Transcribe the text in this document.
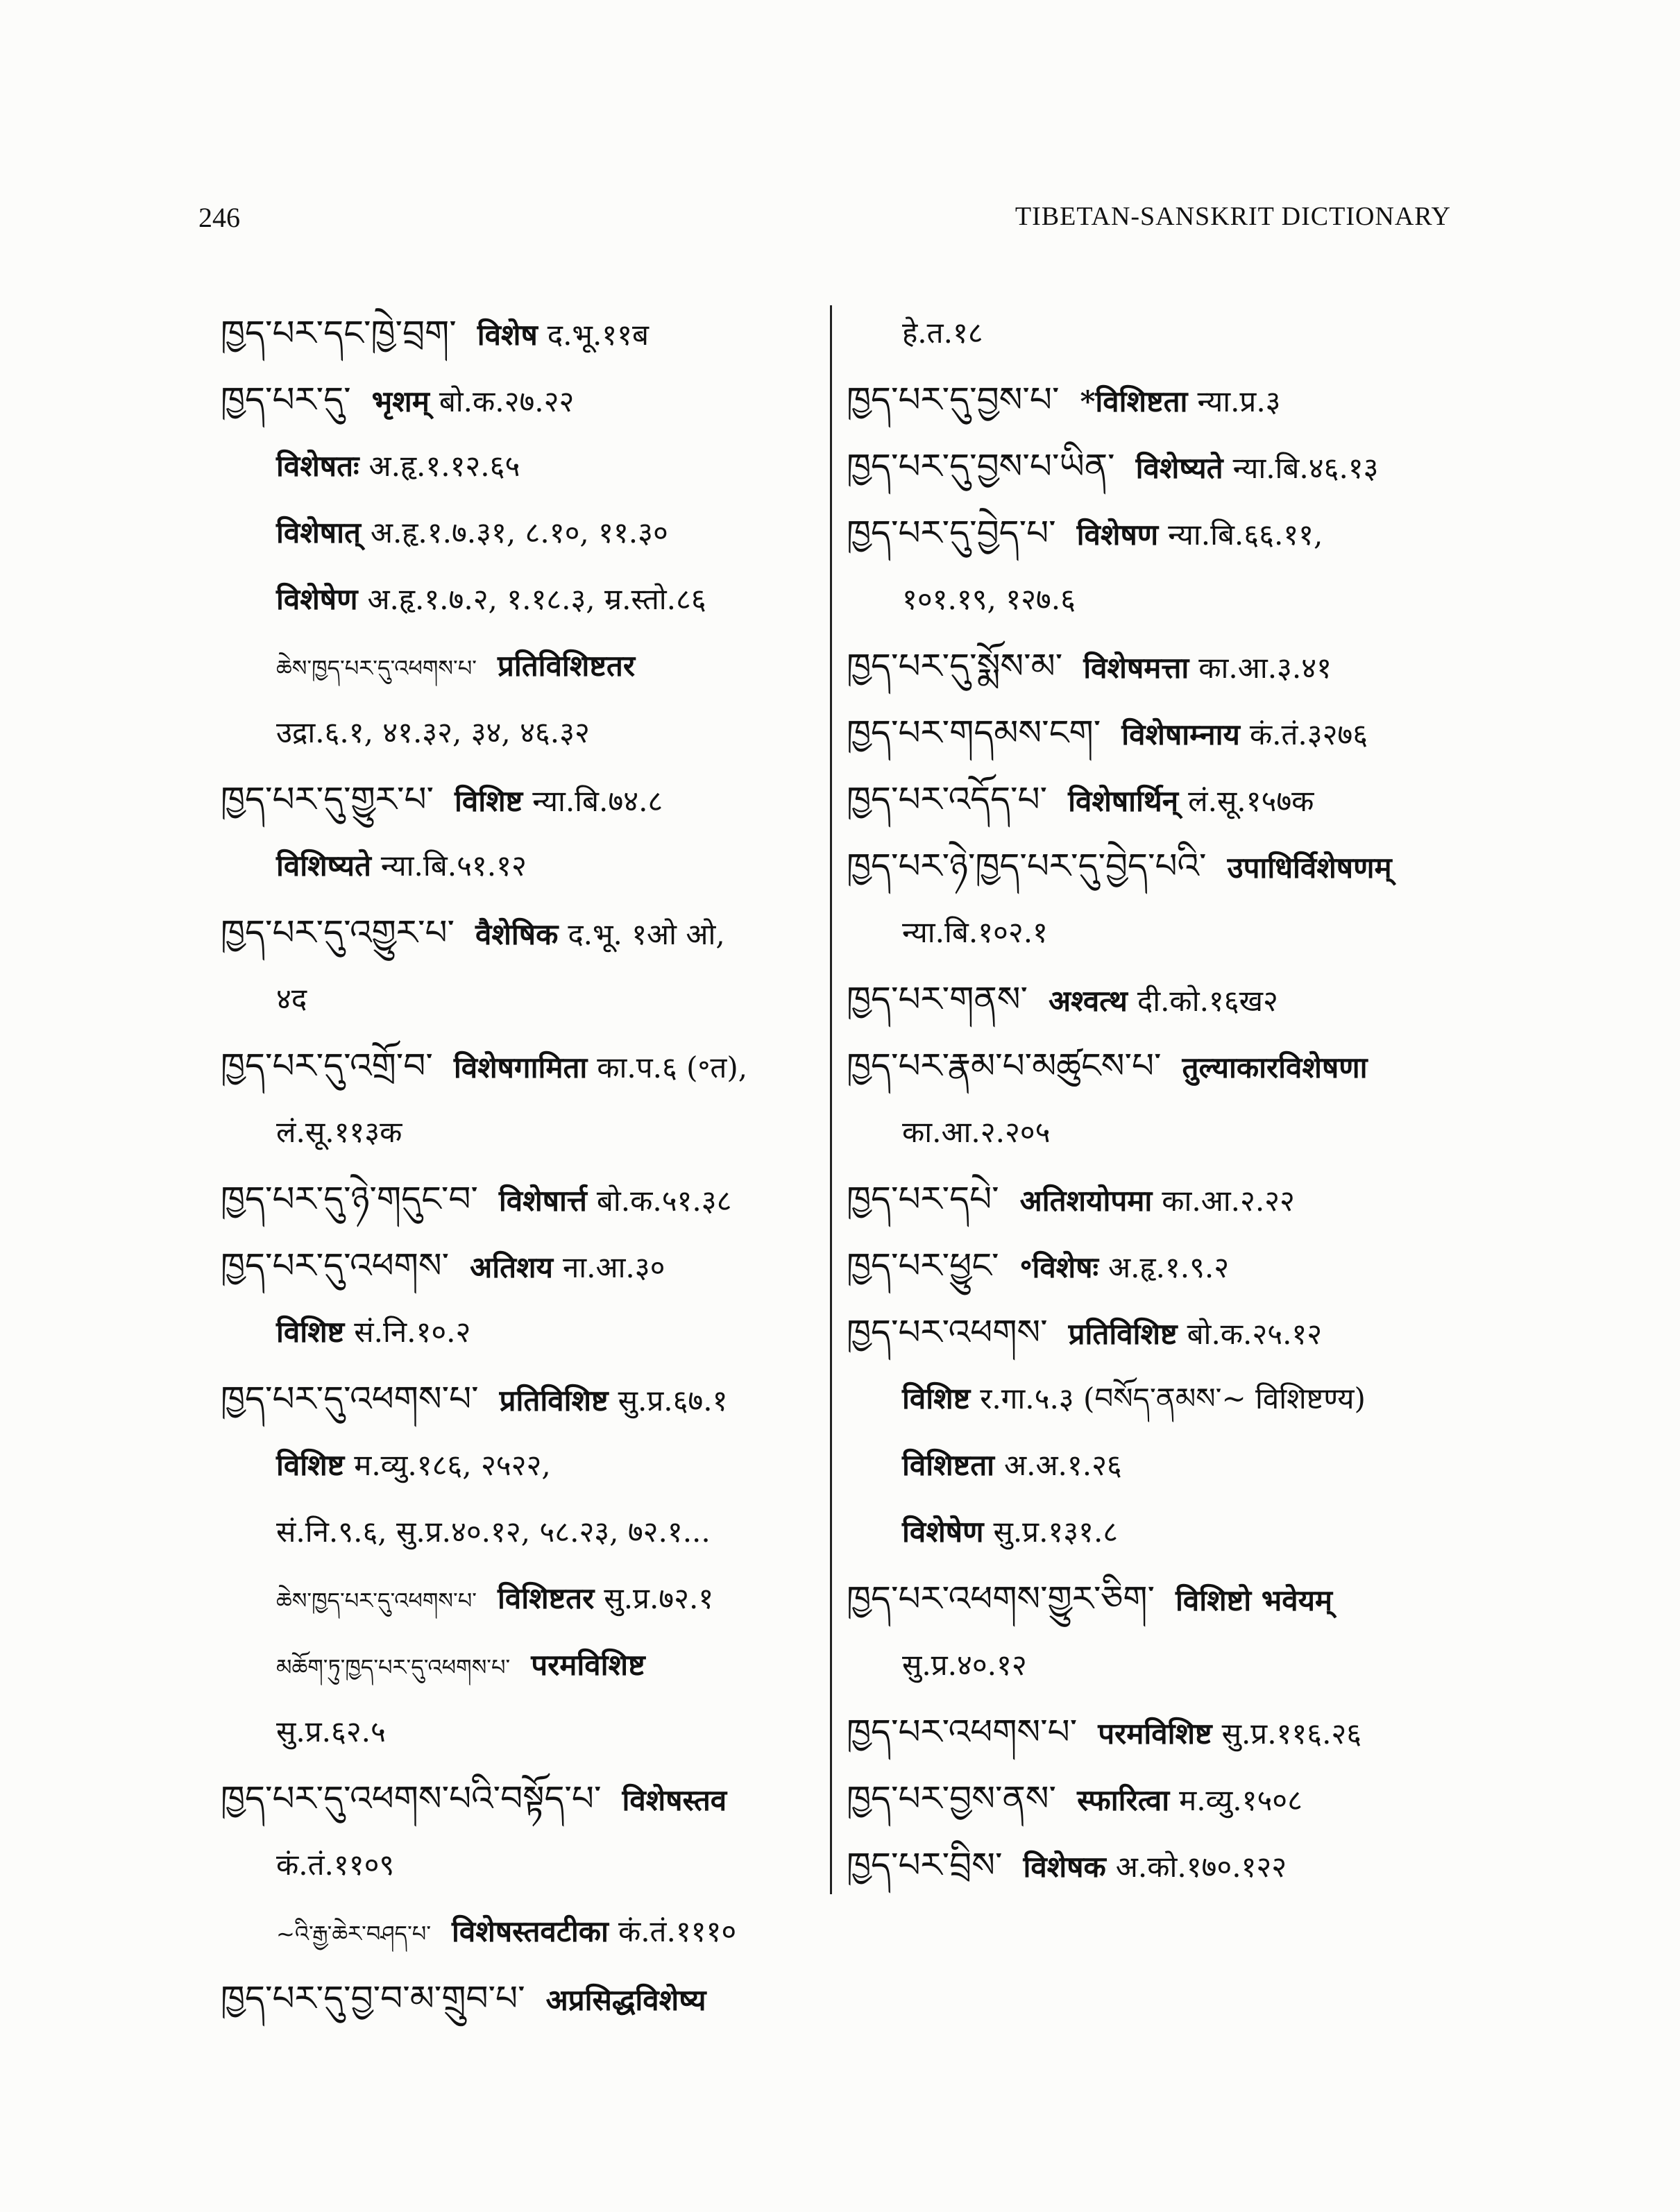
246	TIBETAN-SANSKRIT DICTIONARY
ཁྱད་པར་དང་ཁྱེ་བྲག་ विशेष द.भू.११ब
ཁྱད་པར་དུ་ भृशम् बो.क.२७.२२
विशेषतः अ.हृ.१.१२.६५
विशेषात् अ.हृ.१.७.३१, ८.१०, ११.३०
विशेषेण अ.हृ.१.७.२, १.१८.३, म्र.स्तो.८६
ཆེས་ཁྱད་པར་དུ་འཕགས་པ་ प्रतिविशिष्टतर
उद्रा.६.१, ४१.३२, ३४, ४६.३२
ཁྱད་པར་དུ་གྱུར་པ་ विशिष्ट न्या.बि.७४.८
विशिष्यते न्या.बि.५१.१२
ཁྱད་པར་དུ་འགྱུར་པ་ वैशेषिक द.भू. १ओ ओ,
४द
ཁྱད་པར་དུ་འགྲོ་བ་ विशेषगामिता का.प.६ (॰त),
लं.सू.११३क
ཁྱད་པར་དུ་ཉེ་གདུང་བ་ विशेषार्त्त बो.क.५१.३८
ཁྱད་པར་དུ་འཕགས་ अतिशय ना.आ.३०
विशिष्ट सं.नि.१०.२
ཁྱད་པར་དུ་འཕགས་པ་ प्रतिविशिष्ट सु.प्र.६७.१
विशिष्ट म.व्यु.१८६, २५२२,
सं.नि.९.६, सु.प्र.४०.१२, ५८.२३, ७२.१...
ཆེས་ཁྱད་པར་དུ་འཕགས་པ་ विशिष्टतर सु.प्र.७२.१
མཆོག་ཏུ་ཁྱད་པར་དུ་འཕགས་པ་ परमविशिष्ट
सु.प्र.६२.५
ཁྱད་པར་དུ་འཕགས་པའི་བསྟོད་པ་ विशेषस्तव
कं.तं.११०९
~འི་རྒྱ་ཆེར་བཤད་པ་ विशेषस्तवटीका कं.तं.१११०
ཁྱད་པར་དུ་བྱ་བ་མ་གྲུབ་པ་ अप्रसिद्धविशेष्य
हे.त.१८
ཁྱད་པར་དུ་བྱས་པ་ *विशिष्टता न्या.प्र.३
ཁྱད་པར་དུ་བྱས་པ་ཡིན་ विशेष्यते न्या.बि.४६.१३
ཁྱད་པར་དུ་བྱེད་པ་ विशेषण न्या.बि.६६.११,
१०१.१९, १२७.६
ཁྱད་པར་དུ་སྨོས་མ་ विशेषमत्ता का.आ.३.४१
ཁྱད་པར་གདམས་ངག་ विशेषाम्नाय कं.तं.३२७६
ཁྱད་པར་འདོད་པ་ विशेषार्थिन् लं.सू.१५७क
ཁྱད་པར་ཉེ་ཁྱད་པར་དུ་བྱེད་པའི་ उपाधिर्विशेषणम्
न्या.बि.१०२.१
ཁྱད་པར་གནས་ अश्वत्थ दी.को.१६ख२
ཁྱད་པར་རྣམ་པ་མཚུངས་པ་ तुल्याकारविशेषणा
का.आ.२.२०५
ཁྱད་པར་དཔེ་ अतिशयोपमा का.आ.२.२२
ཁྱད་པར་ཕྱུང་ ॰विशेषः अ.हृ.१.९.२
ཁྱད་པར་འཕགས་ प्रतिविशिष्ट बो.क.२५.१२
विशिष्ट र.गा.५.३ (བསོད་ནམས་~ विशिष्टण्य)
विशिष्टता अ.अ.१.२६
विशेषेण सु.प्र.१३१.८
ཁྱད་པར་འཕགས་གྱུར་ཅིག་ विशिष्टो भवेयम्
सु.प्र.४०.१२
ཁྱད་པར་འཕགས་པ་ परमविशिष्ट सु.प्र.११६.२६
ཁྱད་པར་བྱས་ནས་ स्फारित्वा म.व्यु.१५०८
ཁྱད་པར་བྲིས་ विशेषक अ.को.१७०.१२२
